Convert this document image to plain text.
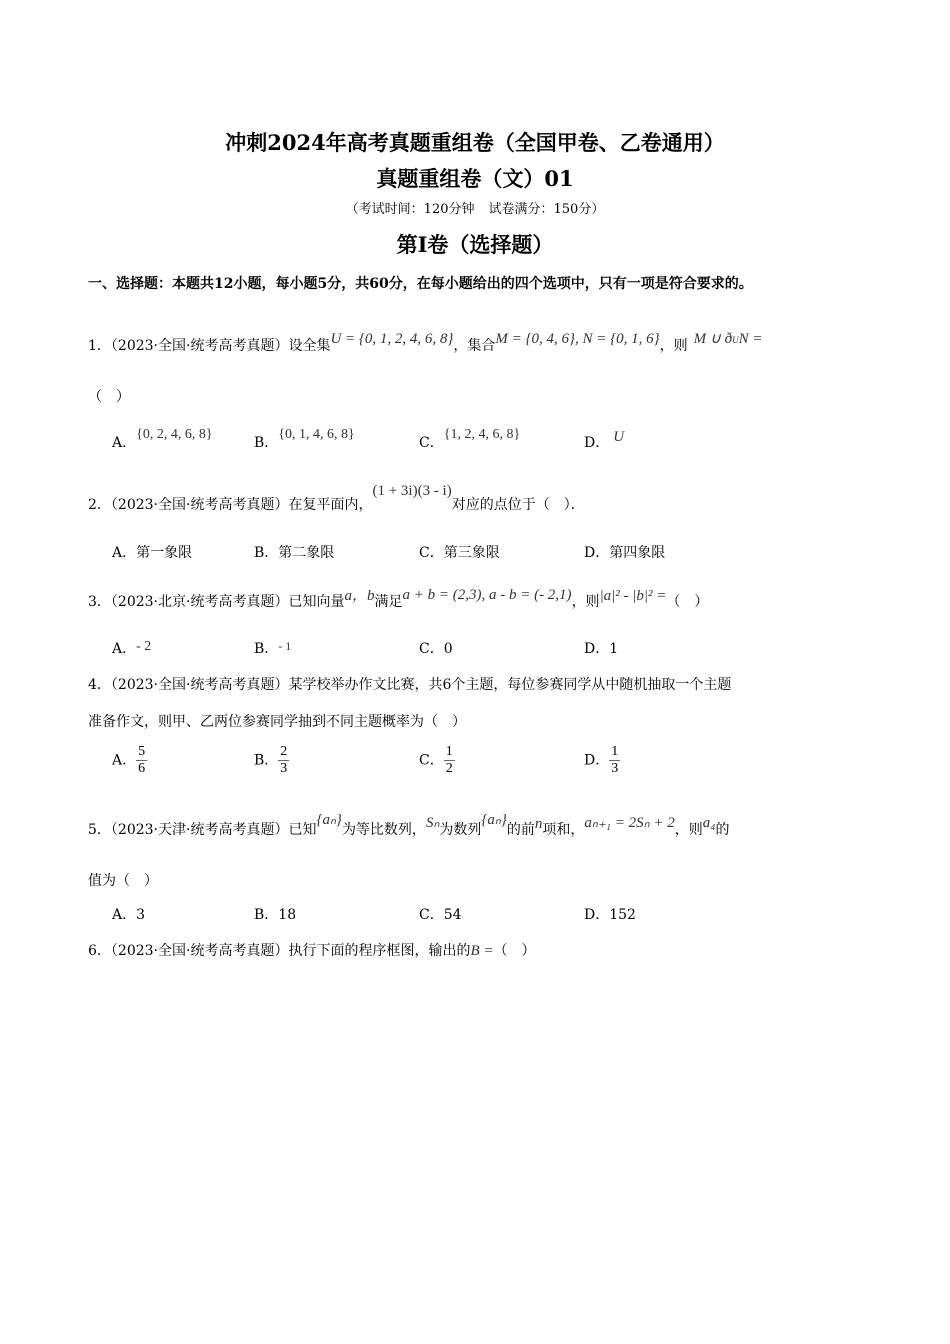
冲刺2024年高考真题重组卷（全国甲卷、乙卷通用）
真题重组卷（文）01
（考试时间：120分钟 试卷满分：150分）
第I卷（选择题）
一、选择题：本题共12小题，每小题5分，共60分，在每小题给出的四个选项中，只有一项是符合要求的。
1．（2023·全国·统考高考真题）设全集U = {0, 1, 2, 4, 6, 8}，集合M = {0, 4, 6}, N = {0, 1, 6}，则 M ∪ ðUN =
（　）
A．{0, 2, 4, 6, 8}
B．{0, 1, 4, 6, 8}
C．{1, 2, 4, 6, 8}
D． U
2．（2023·全国·统考高考真题）在复平面内，(1 + 3i)(3 - i)对应的点位于（　）．
A．第一象限	B．第二象限	C．第三象限	D．第四象限
3．（2023·北京·统考高考真题）已知向量a，b满足a + b = (2,3), a - b = (- 2,1)，则|a|² - |b|² =（　）
A．- 2	B．- 1	C．0	D．1
4．（2023·全国·统考高考真题）某学校举办作文比赛，共6个主题，每位参赛同学从中随机抽取一个主题
准备作文，则甲、乙两位参赛同学抽到不同主题概率为（　）
A． $\frac{5}{6}$	B． $\frac{2}{3}$	C． $\frac{1}{2}$	D． $\frac{1}{3}$
5．（2023·天津·统考高考真题）已知{aₙ}为等比数列，Sₙ为数列{aₙ}的前n项和，aₙ₊₁ = 2Sₙ + 2，则a₄的
值为（　）
A．3	B．18	C．54	D．152
6．（2023·全国·统考高考真题）执行下面的程序框图，输出的B =（　）
